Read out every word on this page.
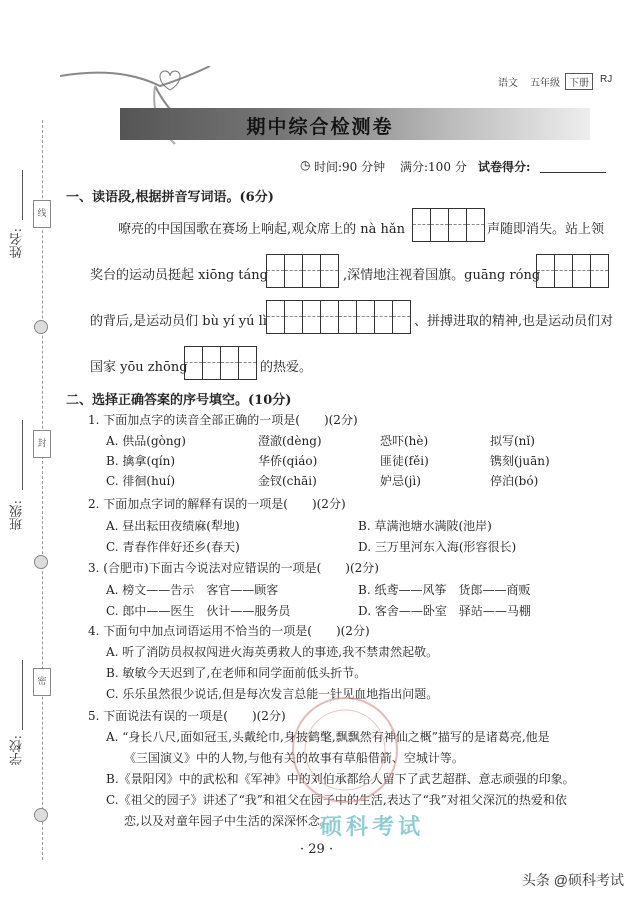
姓名:
班级:
学校:
线
封
密
语文 五年级 下册	RJ
期中综合检测卷
◷ 时间:90 分钟 满分:100 分 试卷得分:
一、读语段,根据拼音写词语。(6分)
嘹亮的中国国歌在赛场上响起,观众席上的 nà hǎn	声随即消失。站上领
奖台的运动员挺起 xiōng táng	,深情地注视着国旗。guāng róng
的背后,是运动员们 bù yí yú lì	、拼搏进取的精神,也是运动员们对
国家 yōu zhōng	的热爱。
二、选择正确答案的序号填空。(10分)
1. 下面加点字的读音全部正确的一项是(　　)(2分)
A. 供品(gòng)	澄澈(dèng)	恐吓(hè)	拟写(nǐ)
B. 擒拿(qín)	华侨(qiáo)	匪徒(fěi)	镌刻(juān)
C. 徘徊(huí)	金钗(chāi)	妒忌(jì)	停泊(bó)
2. 下面加点字词的解释有误的一项是(　　)(2分)
A. 昼出耘田夜绩麻(犁地)	B. 草满池塘水满陂(池岸)
C. 青春作伴好还乡(春天)	D. 三万里河东入海(形容很长)
3. (合肥市)下面古今说法对应错误的一项是(　　)(2分)
A. 榜文——告示　客官——顾客	B. 纸鸢——风筝　货郎——商贩
C. 郎中——医生　伙计——服务员	D. 客舍——卧室　驿站——马棚
4. 下面句中加点词语运用不恰当的一项是(　　)(2分)
A. 听了消防员叔叔闯进火海英勇救人的事迹,我不禁肃然起敬。
B. 敏敏今天迟到了,在老师和同学面前低头折节。
C. 乐乐虽然很少说话,但是每次发言总能一针见血地指出问题。
5. 下面说法有误的一项是(　　)(2分)
A. “身长八尺,面如冠玉,头戴纶巾,身披鹤氅,飘飘然有神仙之概”描写的是诸葛亮,他是
《三国演义》中的人物,与他有关的故事有草船借箭、空城计等。
B.《景阳冈》中的武松和《军神》中的刘伯承都给人留下了武艺超群、意志顽强的印象。
C.《祖父的园子》讲述了“我”和祖父在园子中的生活,表达了“我”对祖父深沉的热爱和依
恋,以及对童年园子中生活的深深怀念。
硕科考试
· 29 ·
头条 @硕科考试
